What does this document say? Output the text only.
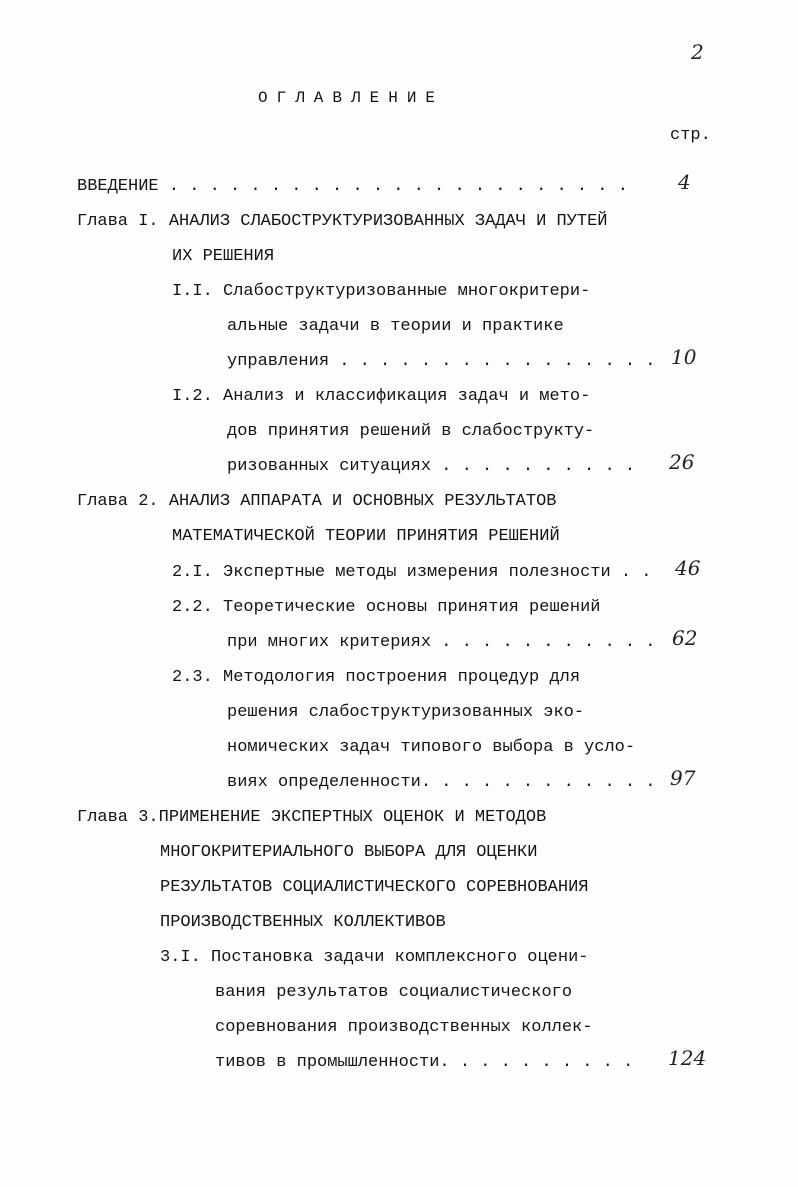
2
ОГЛАВЛЕНИЕ
стр.
ВВЕДЕНИЕ . . . . . . . . . . . . . . . . . . . . . . .	4
Глава I. АНАЛИЗ СЛАБОСТРУКТУРИЗОВАННЫХ ЗАДАЧ И ПУТЕЙ
ИХ РЕШЕНИЯ
I.I. Слабоструктуризованные многокритери-
альные задачи в теории и практике
управления . . . . . . . . . . . . . . . . 10
I.2. Анализ и классификация задач и мето-
дов принятия решений в слабострукту-
ризованных ситуациях . . . . . . . . . . 26
Глава 2. АНАЛИЗ АППАРАТА И ОСНОВНЫХ РЕЗУЛЬТАТОВ
МАТЕМАТИЧЕСКОЙ ТЕОРИИ ПРИНЯТИЯ РЕШЕНИЙ
2.I. Экспертные методы измерения полезности . . 46
2.2. Теоретические основы принятия решений
при многих критериях . . . . . . . . . . . 62
2.3. Методология построения процедур для
решения слабоструктуризованных эко-
номических задач типового выбора в усло-
виях определенности. . . . . . . . . . . . 97
Глава 3.ПРИМЕНЕНИЕ ЭКСПЕРТНЫХ ОЦЕНОК И МЕТОДОВ
МНОГОКРИТЕРИАЛЬНОГО ВЫБОРА ДЛЯ ОЦЕНКИ
РЕЗУЛЬТАТОВ СОЦИАЛИСТИЧЕСКОГО СОРЕВНОВАНИЯ
ПРОИЗВОДСТВЕННЫХ КОЛЛЕКТИВОВ
3.I. Постановка задачи комплексного оцени-
вания результатов социалистического
соревнования производственных коллек-
тивов в промышленности. . . . . . . . . . 124
